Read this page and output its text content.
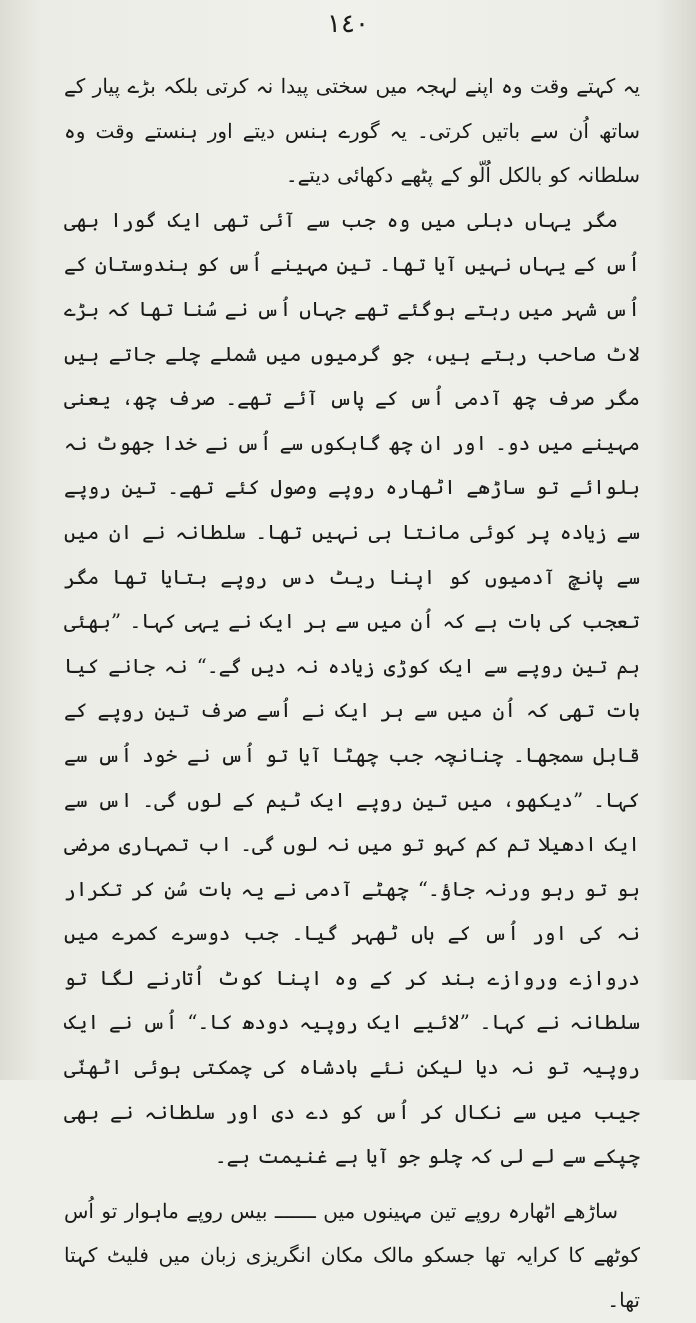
١٤٠

یہ کہتے وقت وہ اپنے لہجہ میں سختی پیدا نہ کرتی بلکہ بڑے پیار کے ساتھ اُن سے باتیں کرتی۔ یہ گورے ہنس دیتے اور ہنستے وقت وہ سلطانہ کو بالکل اُلّو کے پٹھے دکھائی دیتے۔

مگر یہاں دہلی میں وہ جب سے آئی تھی ایک گورا بھی اُس کے یہاں نہیں آیا تھا۔ تین مہینے اُس کو ہندوستان کے اُس شہر میں رہتے ہوگئے تھے جہاں اُس نے سُنا تھا کہ بڑے لاٹ صاحب رہتے ہیں، جو گرمیوں میں شملے چلے جاتے ہیں مگر صرف چھ آدمی اُس کے پاس آئے تھے۔ صرف چھ، یعنی مہینے میں دو۔ اور ان چھ گاہکوں سے اُس نے خدا جھوٹ نہ بلوائے تو ساڑھے اٹھارہ روپے وصول کئے تھے۔ تین روپے سے زیادہ پر کوئی مانتا ہی نہیں تھا۔ سلطانہ نے ان میں سے پانچ آدمیوں کو اپنا ریٹ دس روپے بتایا تھا مگر تعجب کی بات ہے کہ اُن میں سے ہر ایک نے یہی کہا۔ ”بھئی ہم تین روپے سے ایک کوڑی زیادہ نہ دیں گے۔“ نہ جانے کیا بات تھی کہ اُن میں سے ہر ایک نے اُسے صرف تین روپے کے قابل سمجھا۔ چنانچہ جب چھٹا آیا تو اُس نے خود اُس سے کہا۔ ”دیکھو، میں تین روپے ایک ٹیم کے لوں گی۔ اس سے ایک ادھیلا تم کم کہو تو میں نہ لوں گی۔ اب تمہاری مرضی ہو تو رہو ورنہ جاؤ۔“ چھٹے آدمی نے یہ بات سُن کر تکرار نہ کی اور اُس کے ہاں ٹھہر گیا۔ جب دوسرے کمرے میں دروازے وروازے بند کر کے وہ اپنا کوٹ اُتارنے لگا تو سلطانہ نے کہا۔ ”لائیے ایک روپیہ دودھ کا۔“ اُس نے ایک روپیہ تو نہ دیا لیکن نئے بادشاہ کی چمکتی ہوئی اٹھنّی جیب میں سے نکال کر اُس کو دے دی اور سلطانہ نے بھی چپکے سے لے لی کہ چلو جو آیا ہے غنیمت ہے۔

ساڑھے اٹھارہ روپے تین مہینوں میں ـــــــ بیس روپے ماہوار تو اُس کوٹھے کا کرایہ تھا جسکو مالک مکان انگریزی زبان میں فلیٹ کہتا تھا۔
